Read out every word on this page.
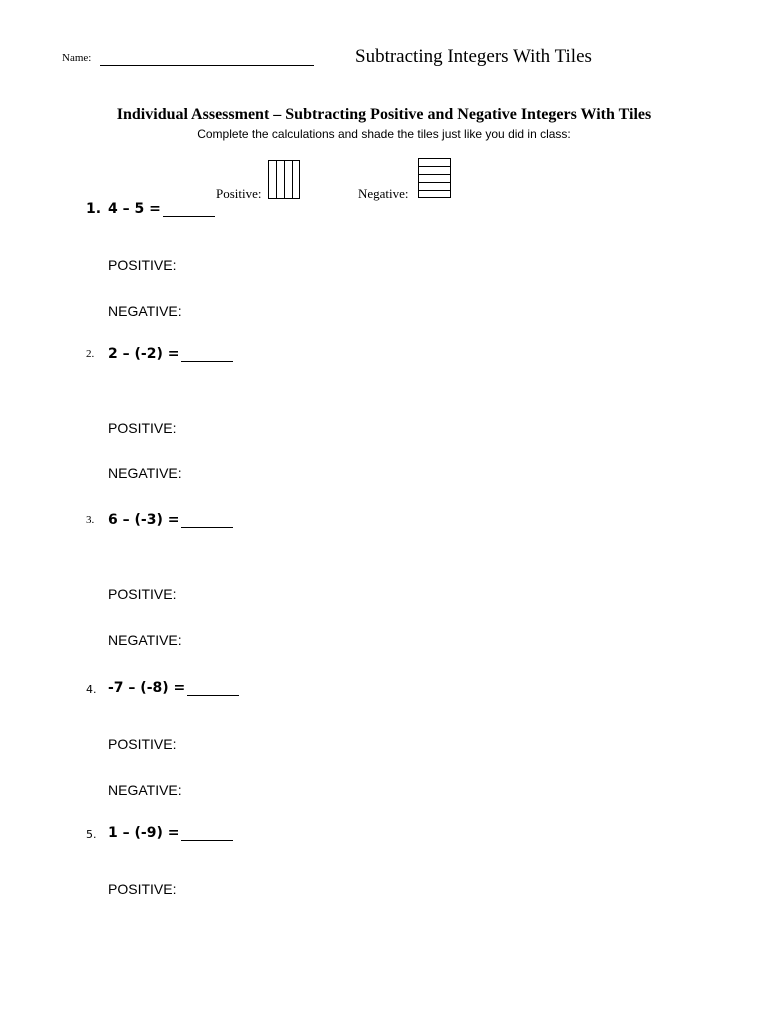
Name:	Subtracting Integers With Tiles
Individual Assessment – Subtracting Positive and Negative Integers With Tiles
Complete the calculations and shade the tiles just like you did in class:
Positive:	Negative:
1. 4 – 5 =
POSITIVE:
NEGATIVE:
2. 2 – (-2) =
POSITIVE:
NEGATIVE:
3. 6 – (-3) =
POSITIVE:
NEGATIVE:
4. -7 – (-8) =
POSITIVE:
NEGATIVE:
5. 1 – (-9) =
POSITIVE:
